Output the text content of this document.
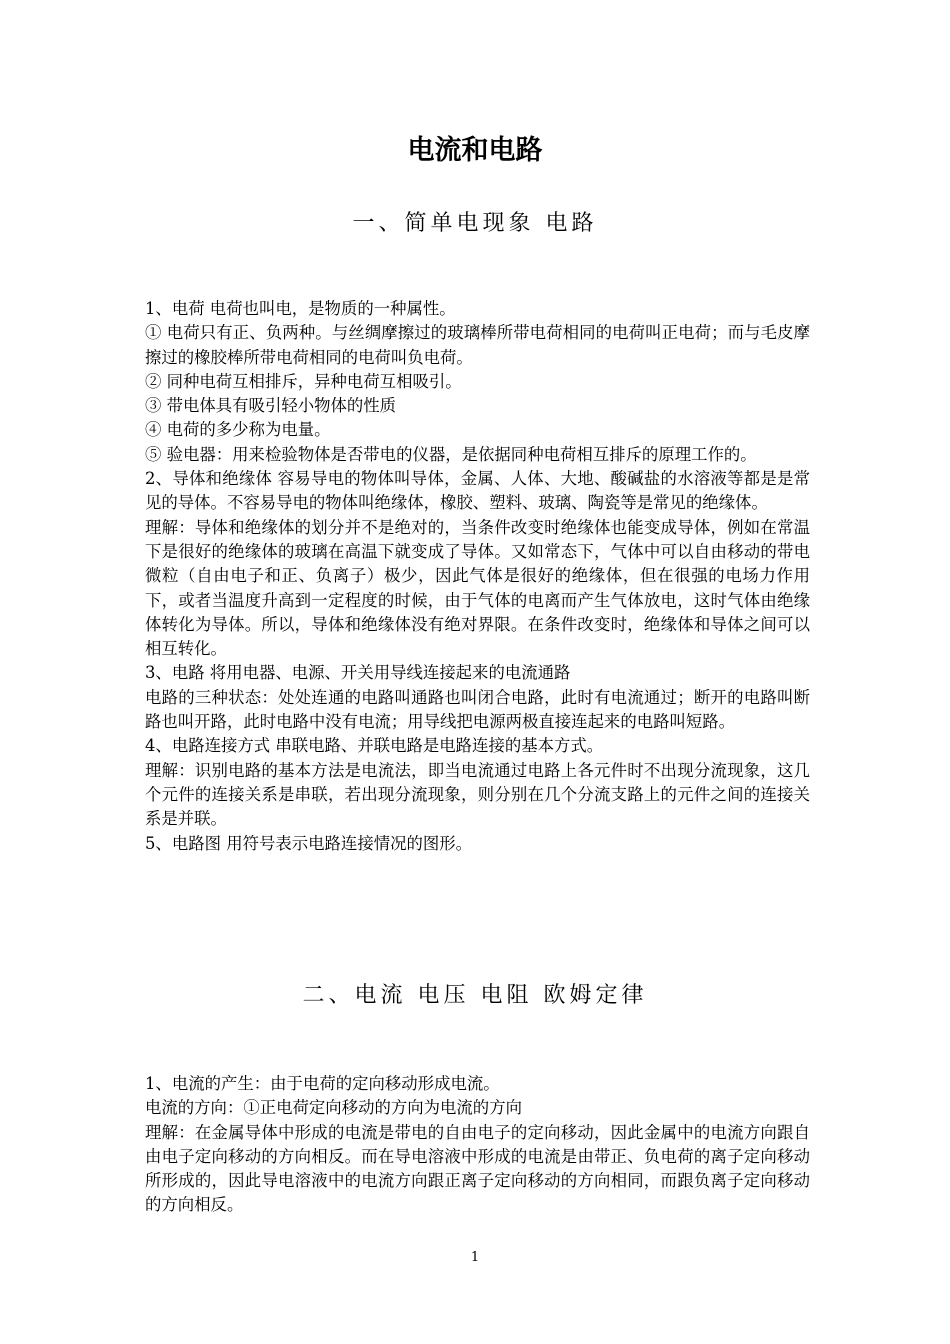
电流和电路
一、简单电现象 电路

1、电荷 电荷也叫电，是物质的一种属性。

① 电荷只有正、负两种。与丝绸摩擦过的玻璃棒所带电荷相同的电荷叫正电荷；而与毛皮摩擦过的橡胶棒所带电荷相同的电荷叫负电荷。

② 同种电荷互相排斥，异种电荷互相吸引。

③ 带电体具有吸引轻小物体的性质

④ 电荷的多少称为电量。

⑤ 验电器：用来检验物体是否带电的仪器，是依据同种电荷相互排斥的原理工作的。

2、导体和绝缘体 容易导电的物体叫导体，金属、人体、大地、酸碱盐的水溶液等都是是常见的导体。不容易导电的物体叫绝缘体，橡胶、塑料、玻璃、陶瓷等是常见的绝缘体。

理解：导体和绝缘体的划分并不是绝对的，当条件改变时绝缘体也能变成导体，例如在常温下是很好的绝缘体的玻璃在高温下就变成了导体。又如常态下，气体中可以自由移动的带电微粒（自由电子和正、负离子）极少，因此气体是很好的绝缘体，但在很强的电场力作用下，或者当温度升高到一定程度的时候，由于气体的电离而产生气体放电，这时气体由绝缘体转化为导体。所以，导体和绝缘体没有绝对界限。在条件改变时，绝缘体和导体之间可以相互转化。

3、电路 将用电器、电源、开关用导线连接起来的电流通路

电路的三种状态：处处连通的电路叫通路也叫闭合电路，此时有电流通过；断开的电路叫断路也叫开路，此时电路中没有电流；用导线把电源两极直接连起来的电路叫短路。

4、电路连接方式 串联电路、并联电路是电路连接的基本方式。

理解：识别电路的基本方法是电流法，即当电流通过电路上各元件时不出现分流现象，这几个元件的连接关系是串联，若出现分流现象，则分别在几个分流支路上的元件之间的连接关系是并联。

5、电路图 用符号表示电路连接情况的图形。

二、电流 电压 电阻 欧姆定律

1、电流的产生：由于电荷的定向移动形成电流。

电流的方向：①正电荷定向移动的方向为电流的方向

理解：在金属导体中形成的电流是带电的自由电子的定向移动，因此金属中的电流方向跟自由电子定向移动的方向相反。而在导电溶液中形成的电流是由带正、负电荷的离子定向移动所形成的，因此导电溶液中的电流方向跟正离子定向移动的方向相同，而跟负离子定向移动的方向相反。

1
